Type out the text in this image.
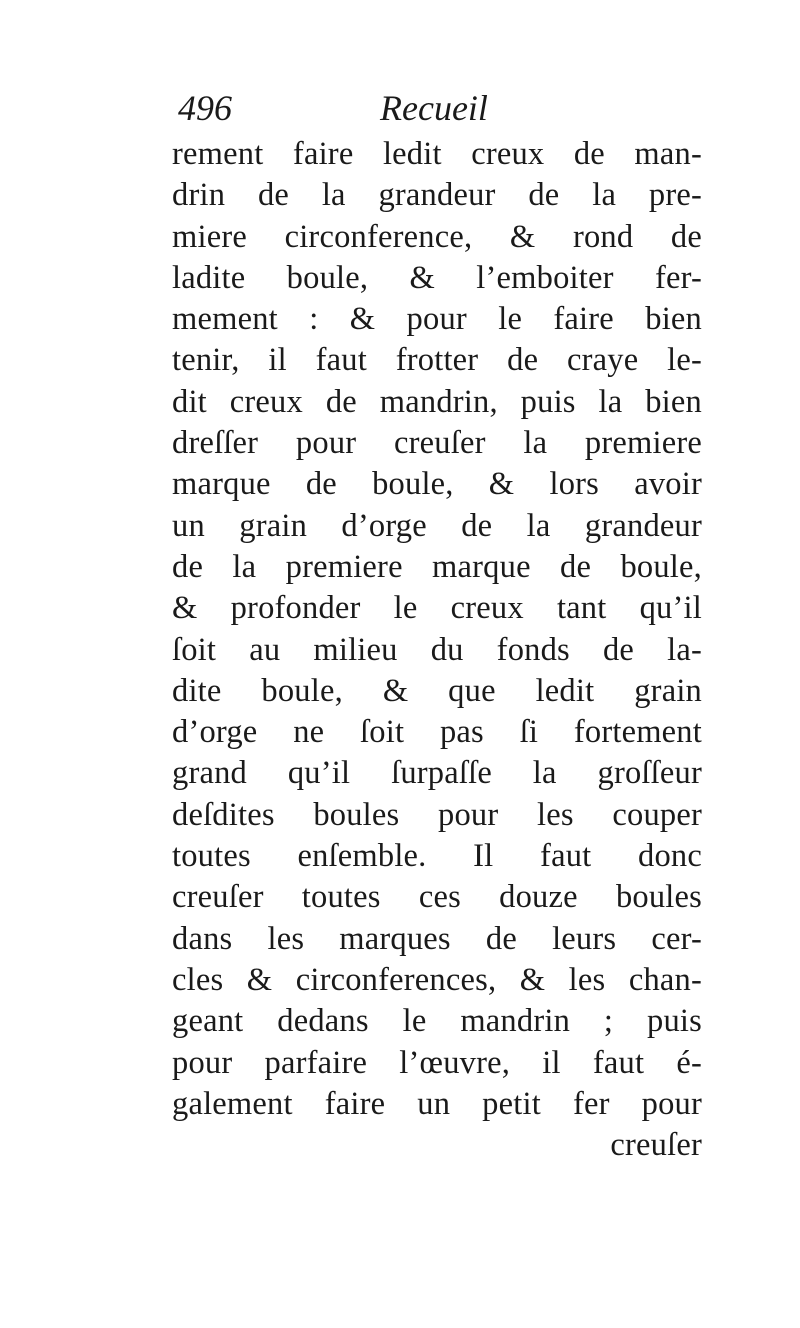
496	Recueil
rement faire ledit creux de man-
drin de la grandeur de la pre-
miere circonference, & rond de
ladite boule, & l’emboiter fer-
mement : & pour le faire bien
tenir, il faut frotter de craye le-
dit creux de mandrin, puis la bien
dreſſer pour creuſer la premiere
marque de boule, & lors avoir
un grain d’orge de la grandeur
de la premiere marque de boule,
& profonder le creux tant qu’il
ſoit au milieu du fonds de la-
dite boule, & que ledit grain
d’orge ne ſoit pas ſi fortement
grand qu’il ſurpaſſe la groſſeur
deſdites boules pour les couper
toutes enſemble. Il faut donc
creuſer toutes ces douze boules
dans les marques de leurs cer-
cles & circonferences, & les chan-
geant dedans le mandrin ; puis
pour parfaire l’œuvre, il faut é-
galement faire un petit fer pour
creuſer
